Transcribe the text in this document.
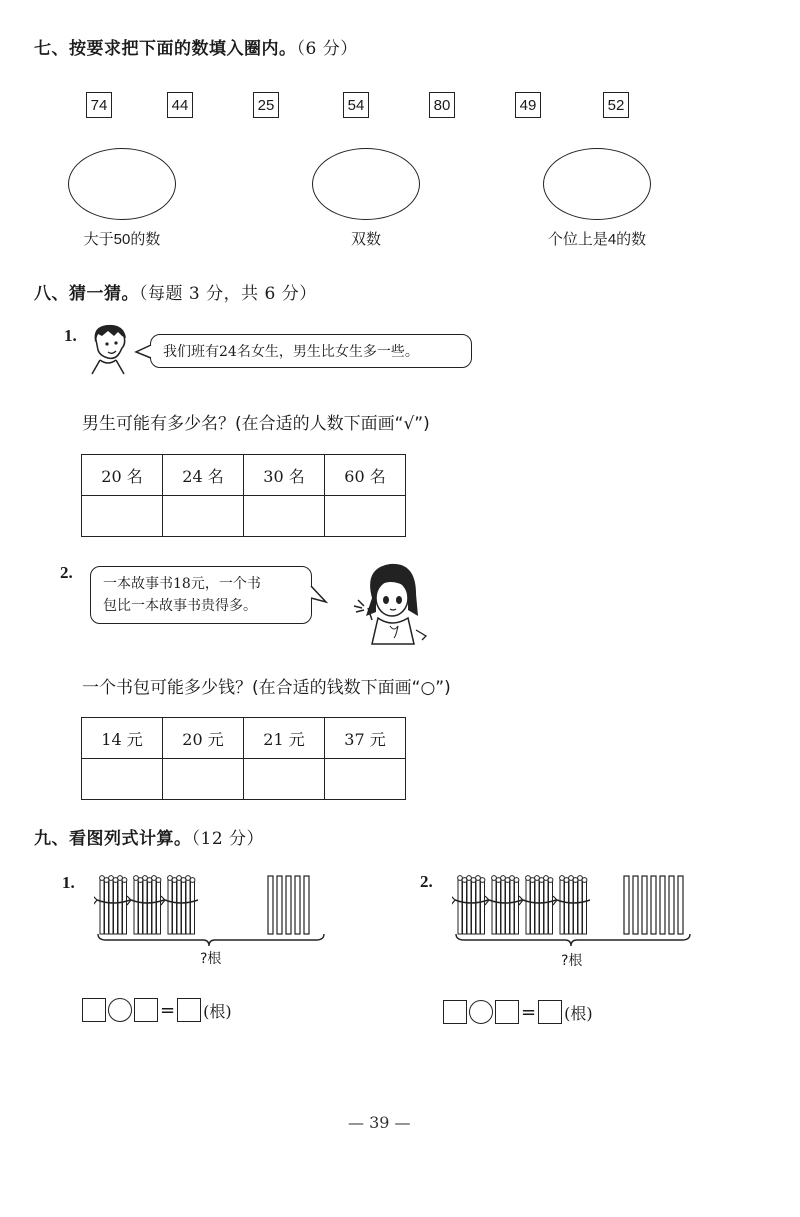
七、按要求把下面的数填入圈内。（6 分）
74	44	25	54	80	49	52
大于50的数	双数	个位上是4的数
八、猜一猜。（每题 3 分，共 6 分）
1.
我们班有24名女生，男生比女生多一些。
男生可能有多少名？(在合适的人数下面画“√”)
20 名	24 名	30 名	60 名

2.
一本故事书18元，一个书
包比一本故事书贵得多。
一个书包可能多少钱？(在合适的钱数下面画“○”)
14 元	20 元	21 元	37 元

九、看图列式计算。（12 分）
1.
?根
= (根)
2.
?根
= (根)
— 39 —
